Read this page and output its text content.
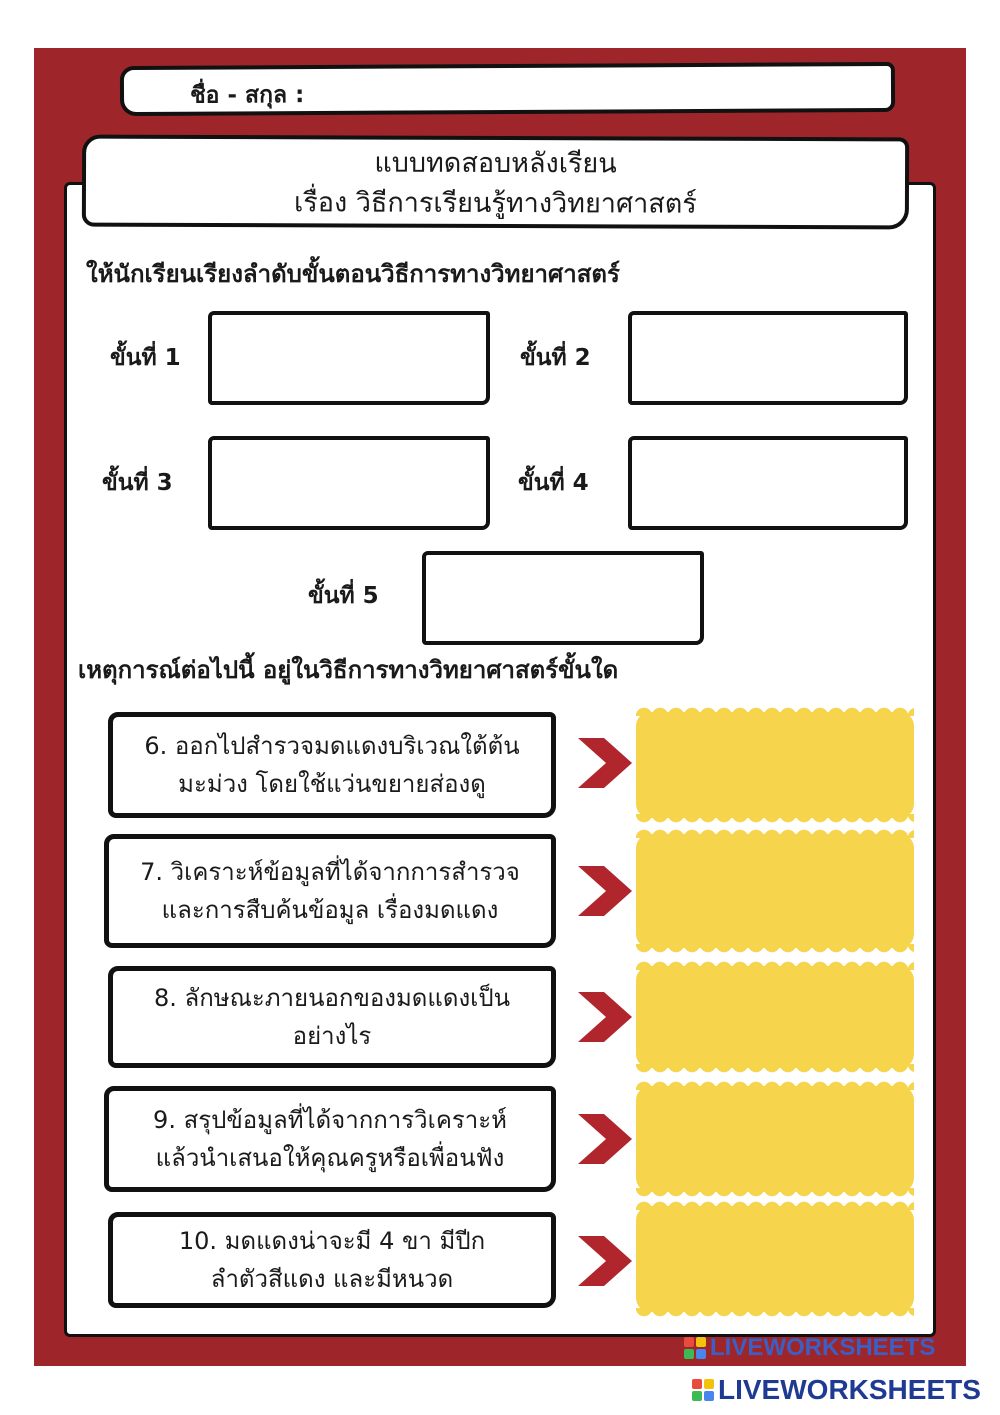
ชื่อ - สกุล :
แบบทดสอบหลังเรียน
เรื่อง วิธีการเรียนรู้ทางวิทยาศาสตร์
ให้นักเรียนเรียงลำดับขั้นตอนวิธีการทางวิทยาศาสตร์
ขั้นที่ 1	ขั้นที่ 2
ขั้นที่ 3	ขั้นที่ 4
ขั้นที่ 5
เหตุการณ์ต่อไปนี้ อยู่ในวิธีการทางวิทยาศาสตร์ขั้นใด
6. ออกไปสำรวจมดแดงบริเวณใต้ต้น
มะม่วง โดยใช้แว่นขยายส่องดู
7. วิเคราะห์ข้อมูลที่ได้จากการสำรวจ
และการสืบค้นข้อมูล เรื่องมดแดง
8. ลักษณะภายนอกของมดแดงเป็น
อย่างไร
9. สรุปข้อมูลที่ได้จากการวิเคราะห์
แล้วนำเสนอให้คุณครูหรือเพื่อนฟัง
10. มดแดงน่าจะมี 4 ขา มีปีก
ลำตัวสีแดง และมีหนวด
LIVEWORKSHEETS
LIVEWORKSHEETS
